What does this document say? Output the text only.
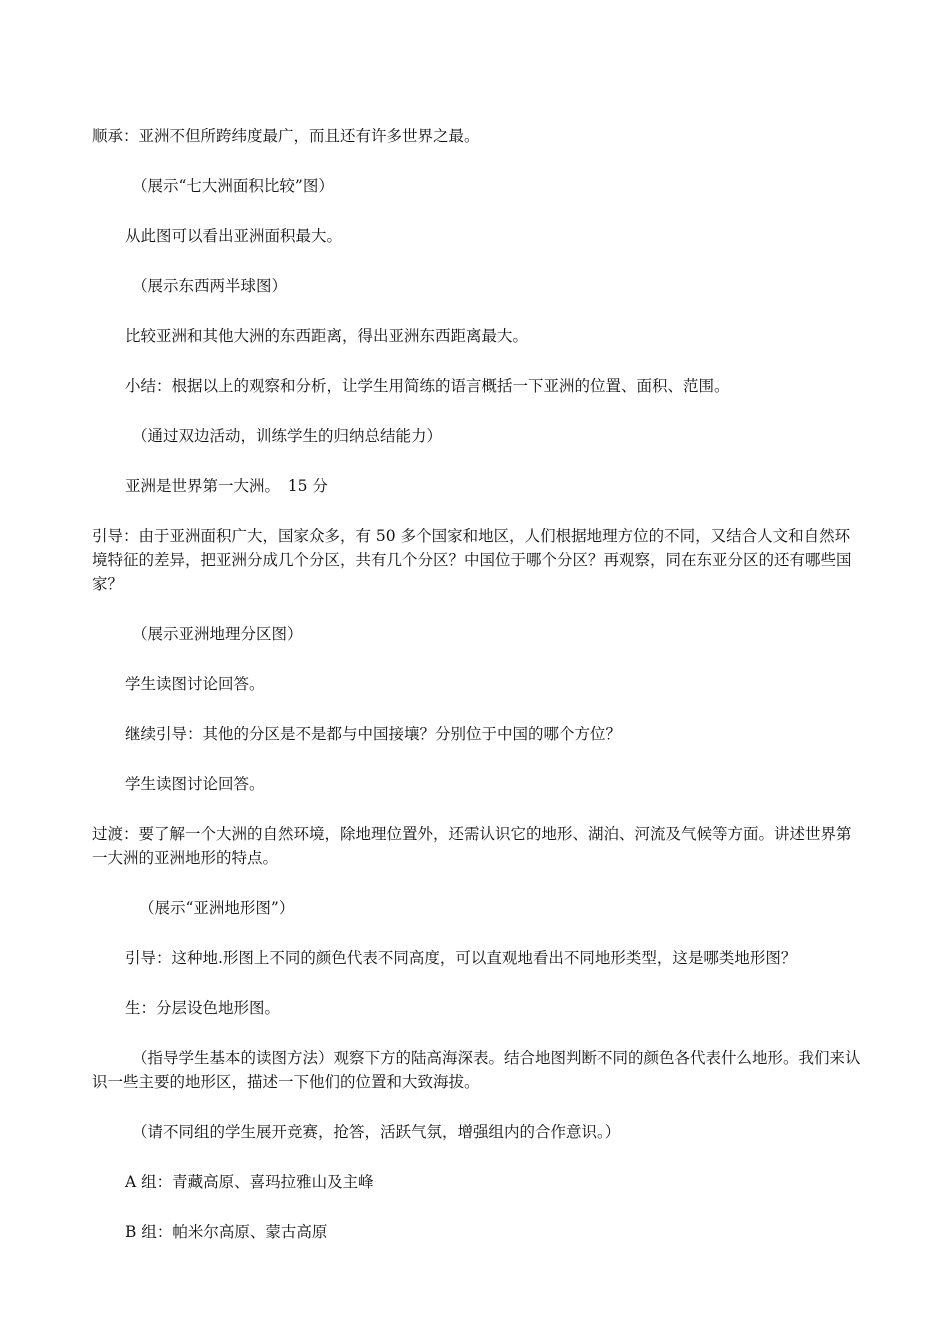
顺承：亚洲不但所跨纬度最广，而且还有许多世界之最。
（展示“七大洲面积比较”图）
从此图可以看出亚洲面积最大。
（展示东西两半球图）
比较亚洲和其他大洲的东西距离，得出亚洲东西距离最大。
小结：根据以上的观察和分析，让学生用简练的语言概括一下亚洲的位置、面积、范围。
（通过双边活动，训练学生的归纳总结能力）
亚洲是世界第一大洲。　15 分
引导：由于亚洲面积广大，国家众多，有 50 多个国家和地区，人们根据地理方位的不同，又结合人文和自然环境特征的差异，把亚洲分成几个分区，共有几个分区？中国位于哪个分区？再观察，同在东亚分区的还有哪些国家？
（展示亚洲地理分区图）
学生读图讨论回答。
继续引导：其他的分区是不是都与中国接壤？分别位于中国的哪个方位？
学生读图讨论回答。
过渡：要了解一个大洲的自然环境，除地理位置外，还需认识它的地形、湖泊、河流及气候等方面。讲述世界第一大洲的亚洲地形的特点。
（展示“亚洲地形图”）
引导：这种地.形图上不同的颜色代表不同高度，可以直观地看出不同地形类型，这是哪类地形图？
生：分层设色地形图。
（指导学生基本的读图方法）观察下方的陆高海深表。结合地图判断不同的颜色各代表什么地形。我们来认识一些主要的地形区，描述一下他们的位置和大致海拔。
（请不同组的学生展开竞赛，抢答，活跃气氛，增强组内的合作意识。）
A 组：青藏高原、喜玛拉雅山及主峰
B 组：帕米尔高原、蒙古高原
